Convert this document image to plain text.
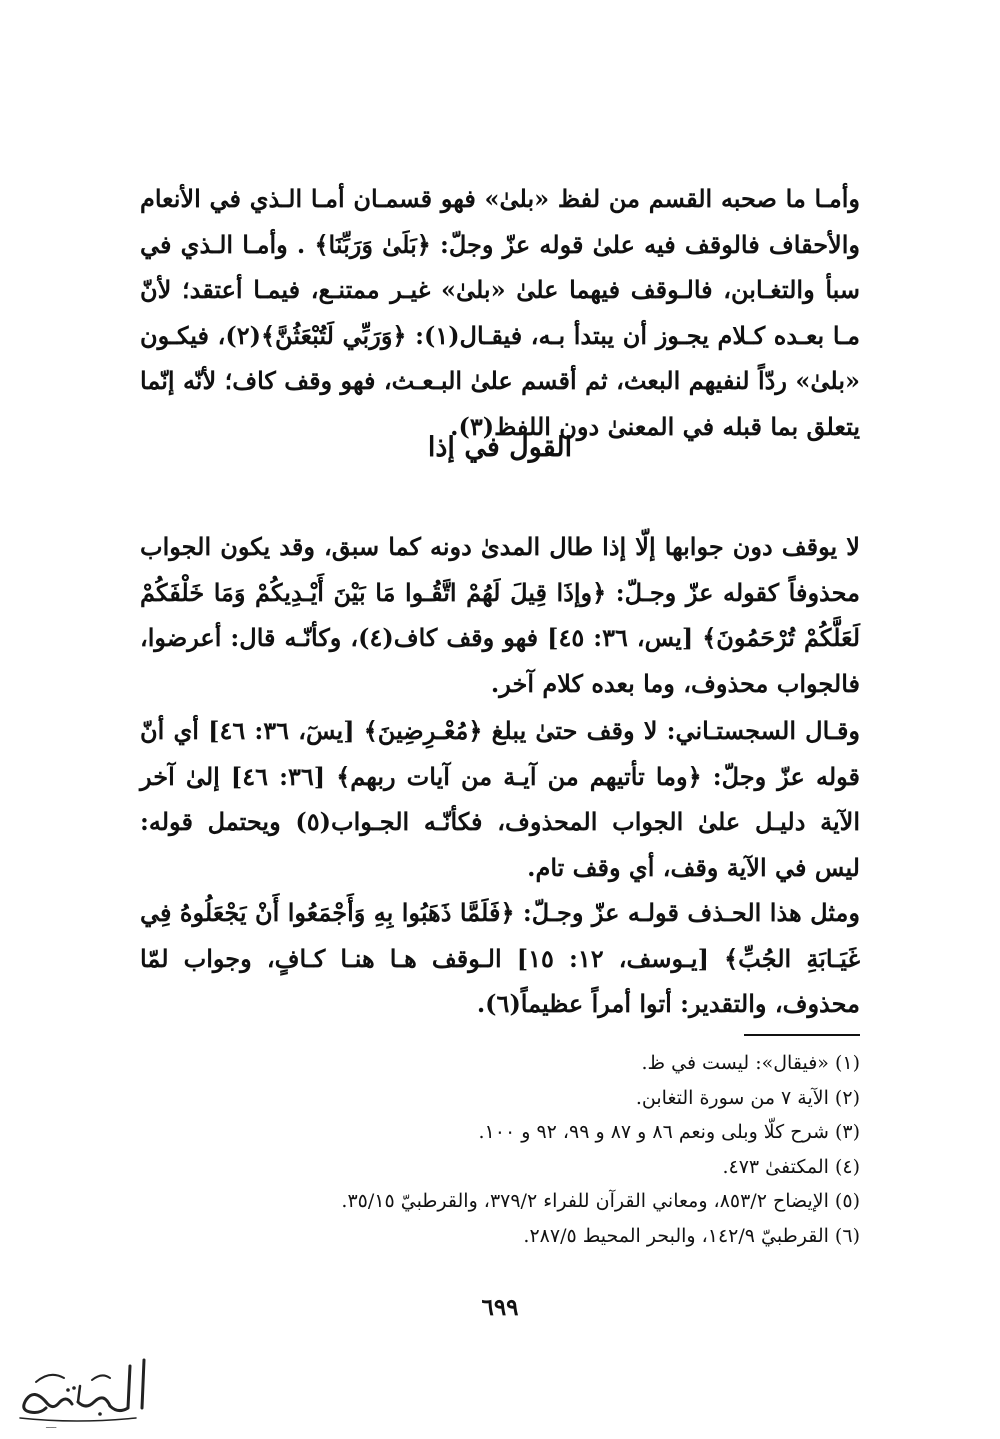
وأمـا ما صحبه القسم من لفظ «بلىٰ» فهو قسمـان أمـا الـذي في الأنعام والأحقاف فالوقف فيه علىٰ قوله عزّ وجلّ: ﴿بَلَىٰ وَرَبِّنَا﴾ . وأمـا الـذي في سبأ والتغـابن، فالـوقف فيهما علىٰ «بلىٰ» غيـر ممتنـع، فيمـا أعتقد؛ لأنّ مـا بعـده كـلام يجـوز أن يبتدأ بـه، فيقـال(١): ﴿وَرَبِّي لَتُبْعَثُنَّ﴾(٢)، فيكـون «بلىٰ» ردّاً لنفيهم البعث، ثم أقسم علىٰ البـعـث، فهو وقف كاف؛ لأنّه إنّما يتعلق بما قبله في المعنىٰ دون اللفظ(٣).

القول في إذا

لا يوقف دون جوابها إلّا إذا طال المدىٰ دونه كما سبق، وقد يكون الجواب محذوفاً كقوله عزّ وجـلّ: ﴿وإذَا قِيلَ لَهُمْ اتَّقُـوا مَا بَيْنَ أَيْـدِيكُمْ وَمَا خَلْفَكُمْ لَعَلَّكُمْ تُرْحَمُونَ﴾ [يس، ٣٦: ٤٥] فهو وقف كاف(٤)، وكأنّـه قال: أعرضوا، فالجواب محذوف، وما بعده كلام آخر.

وقـال السجستـاني: لا وقف حتىٰ يبلغ ﴿مُعْـرِضِينَ﴾ [يسٓ، ٣٦: ٤٦] أي أنّ قوله عزّ وجلّ: ﴿وما تأتيهم من آيـة من آيات ربهم﴾ [٣٦: ٤٦] إلىٰ آخر الآية دليـل علىٰ الجواب المحذوف، فكأنّـه الجـواب(٥) ويحتمل قوله: ليس في الآية وقف، أي وقف تام.

ومثل هذا الحـذف قولـه عزّ وجـلّ: ﴿فَلَمَّا ذَهَبُوا بِهِ وَأَجْمَعُوا أَنْ يَجْعَلُوهُ فِي غَيَـابَةِ الجُبِّ﴾ [يـوسف، ١٢: ١٥] الـوقف هـا هنـا كـافٍ، وجواب لمّا محذوف، والتقدير: أتوا أمراً عظيماً(٦).

(١) «فيقال»: ليست في ظ.
(٢) الآية ٧ من سورة التغابن.
(٣) شرح كلّا وبلى ونعم ٨٦ و ٨٧ و ٩٩، ٩٢ و ١٠٠.
(٤) المكتفىٰ ٤٧٣.
(٥) الإيضاح ٨٥٣/٢، ومعاني القرآن للفراء ٣٧٩/٢، والقرطبيّ ٣٥/١٥.
(٦) القرطبيّ ١٤٢/٩، والبحر المحيط ٢٨٧/٥.
٦٩٩
ـــــ
